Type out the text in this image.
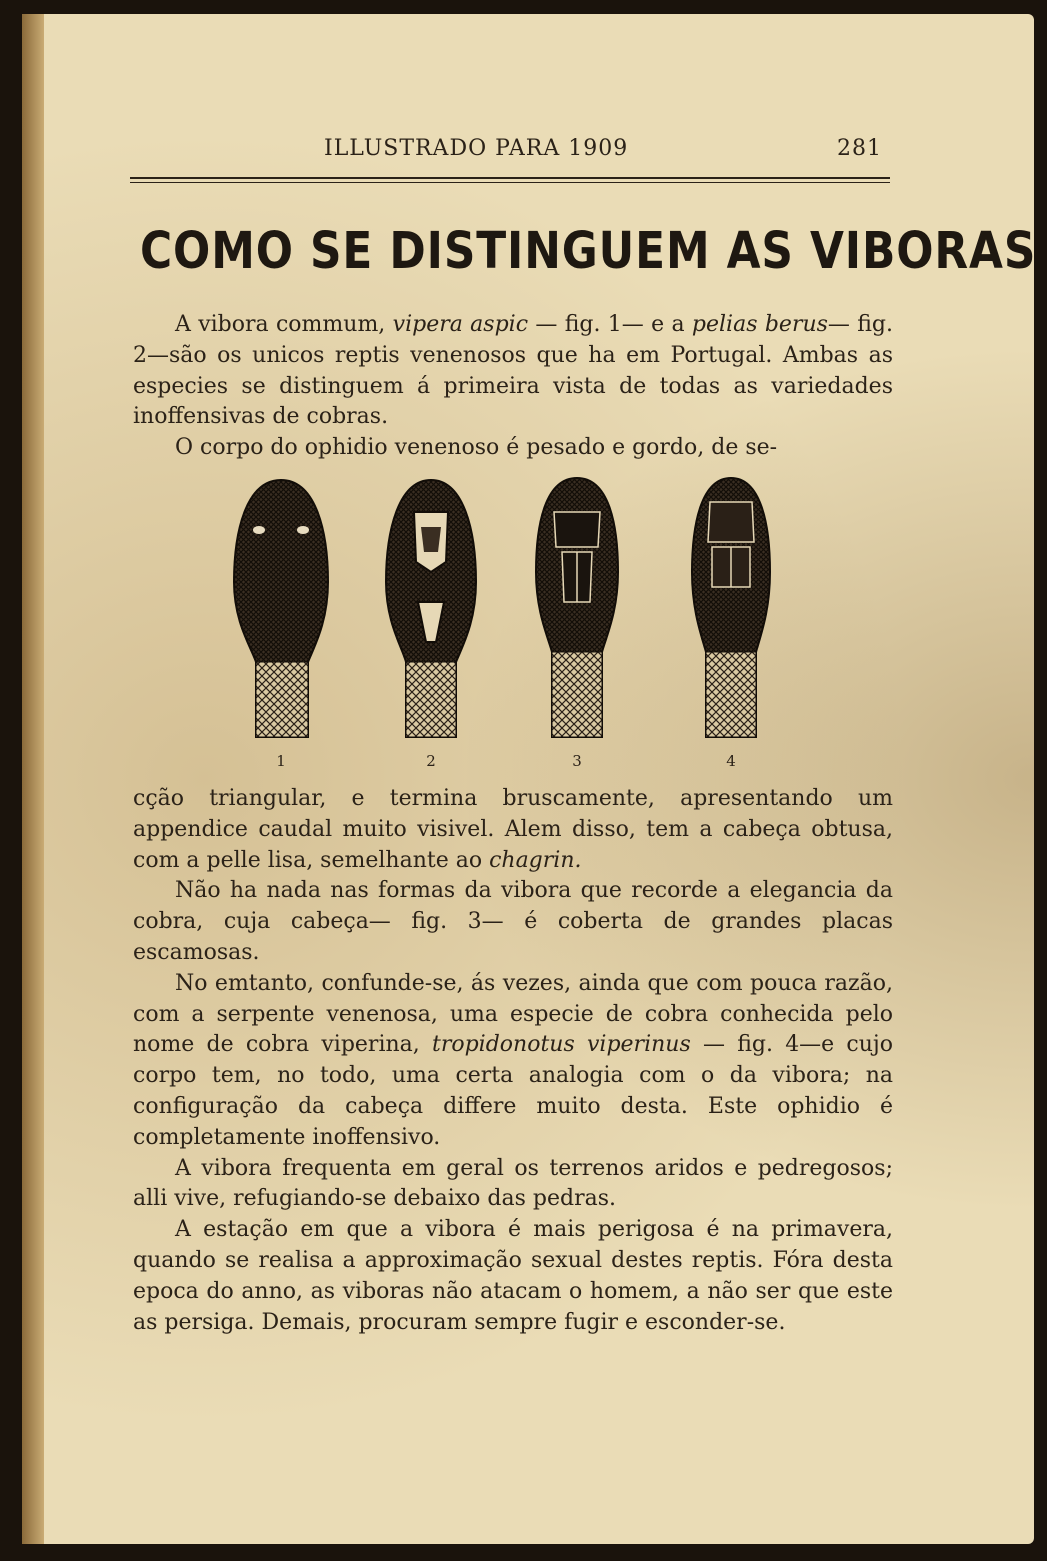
ILLUSTRADO PARA 1909	281
COMO SE DISTINGUEM AS VIBORAS

A vibora commum, vipera aspic — fig. 1— e a pelias berus— fig. 2—são os unicos reptis venenosos que ha em Portugal. Ambas as especies se distinguem á primeira vista de todas as variedades inoffensivas de cobras.

O corpo do ophidio venenoso é pesado e gordo, de se-

1	2	3	4

cção triangular, e termina bruscamente, apresentando um appendice caudal muito visivel. Alem disso, tem a cabeça obtusa, com a pelle lisa, semelhante ao chagrin.

Não ha nada nas formas da vibora que recorde a elegancia da cobra, cuja cabeça— fig. 3— é coberta de grandes placas escamosas.

No emtanto, confunde-se, ás vezes, ainda que com pouca razão, com a serpente venenosa, uma especie de cobra conhecida pelo nome de cobra viperina, tropidonotus viperinus — fig. 4—e cujo corpo tem, no todo, uma certa analogia com o da vibora; na configuração da cabeça differe muito desta. Este ophidio é completamente inoffensivo.

A vibora frequenta em geral os terrenos aridos e pedregosos; alli vive, refugiando-se debaixo das pedras.

A estação em que a vibora é mais perigosa é na primavera, quando se realisa a approximação sexual destes reptis. Fóra desta epoca do anno, as viboras não atacam o homem, a não ser que este as persiga. Demais, procuram sempre fugir e esconder-se.
